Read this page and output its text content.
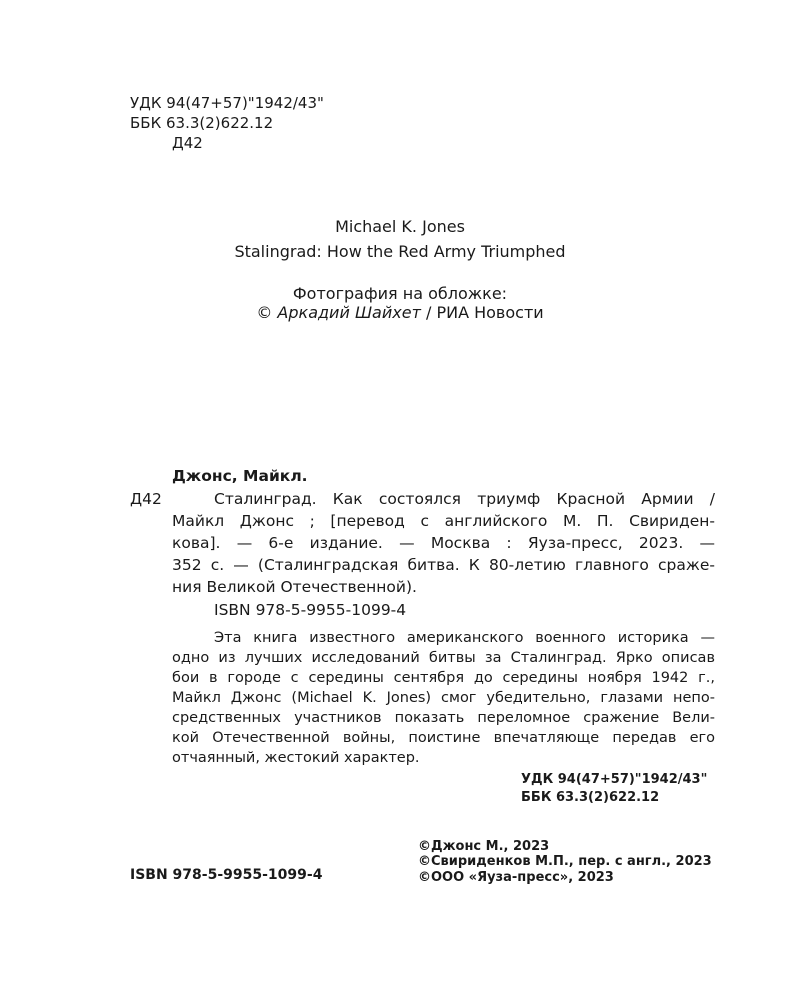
УДК 94(47+57)"1942/43"
ББК 63.3(2)622.12
Д42
Michael K. Jones
Stalingrad: How the Red Army Triumphed
Фотография на обложке:
© Аркадий Шайхет / РИА Новости
Джонс, Майкл.
Д42	Сталинград. Как состоялся триумф Красной Армии /
Майкл Джонс ; [перевод с английского М. П. Свириден-
кова]. — 6-е издание. — Москва : Яуза-пресс, 2023. —
352 с. — (Сталинградская битва. К 80-летию главного сраже-
ния Великой Отечественной).
ISBN 978-5-9955-1099-4
Эта книга известного американского военного историка —
одно из лучших исследований битвы за Сталинград. Ярко описав
бои в городе с середины сентября до середины ноября 1942 г.,
Майкл Джонс (Michael K. Jones) смог убедительно, глазами непо-
средственных участников показать переломное сражение Вели-
кой Отечественной войны, поистине впечатляюще передав его
отчаянный, жестокий характер.
УДК 94(47+57)"1942/43"
ББК 63.3(2)622.12
ISBN 978-5-9955-1099-4
©Джонс М., 2023
©Свириденков М.П., пер. с англ., 2023
©ООО «Яуза-пресс», 2023
